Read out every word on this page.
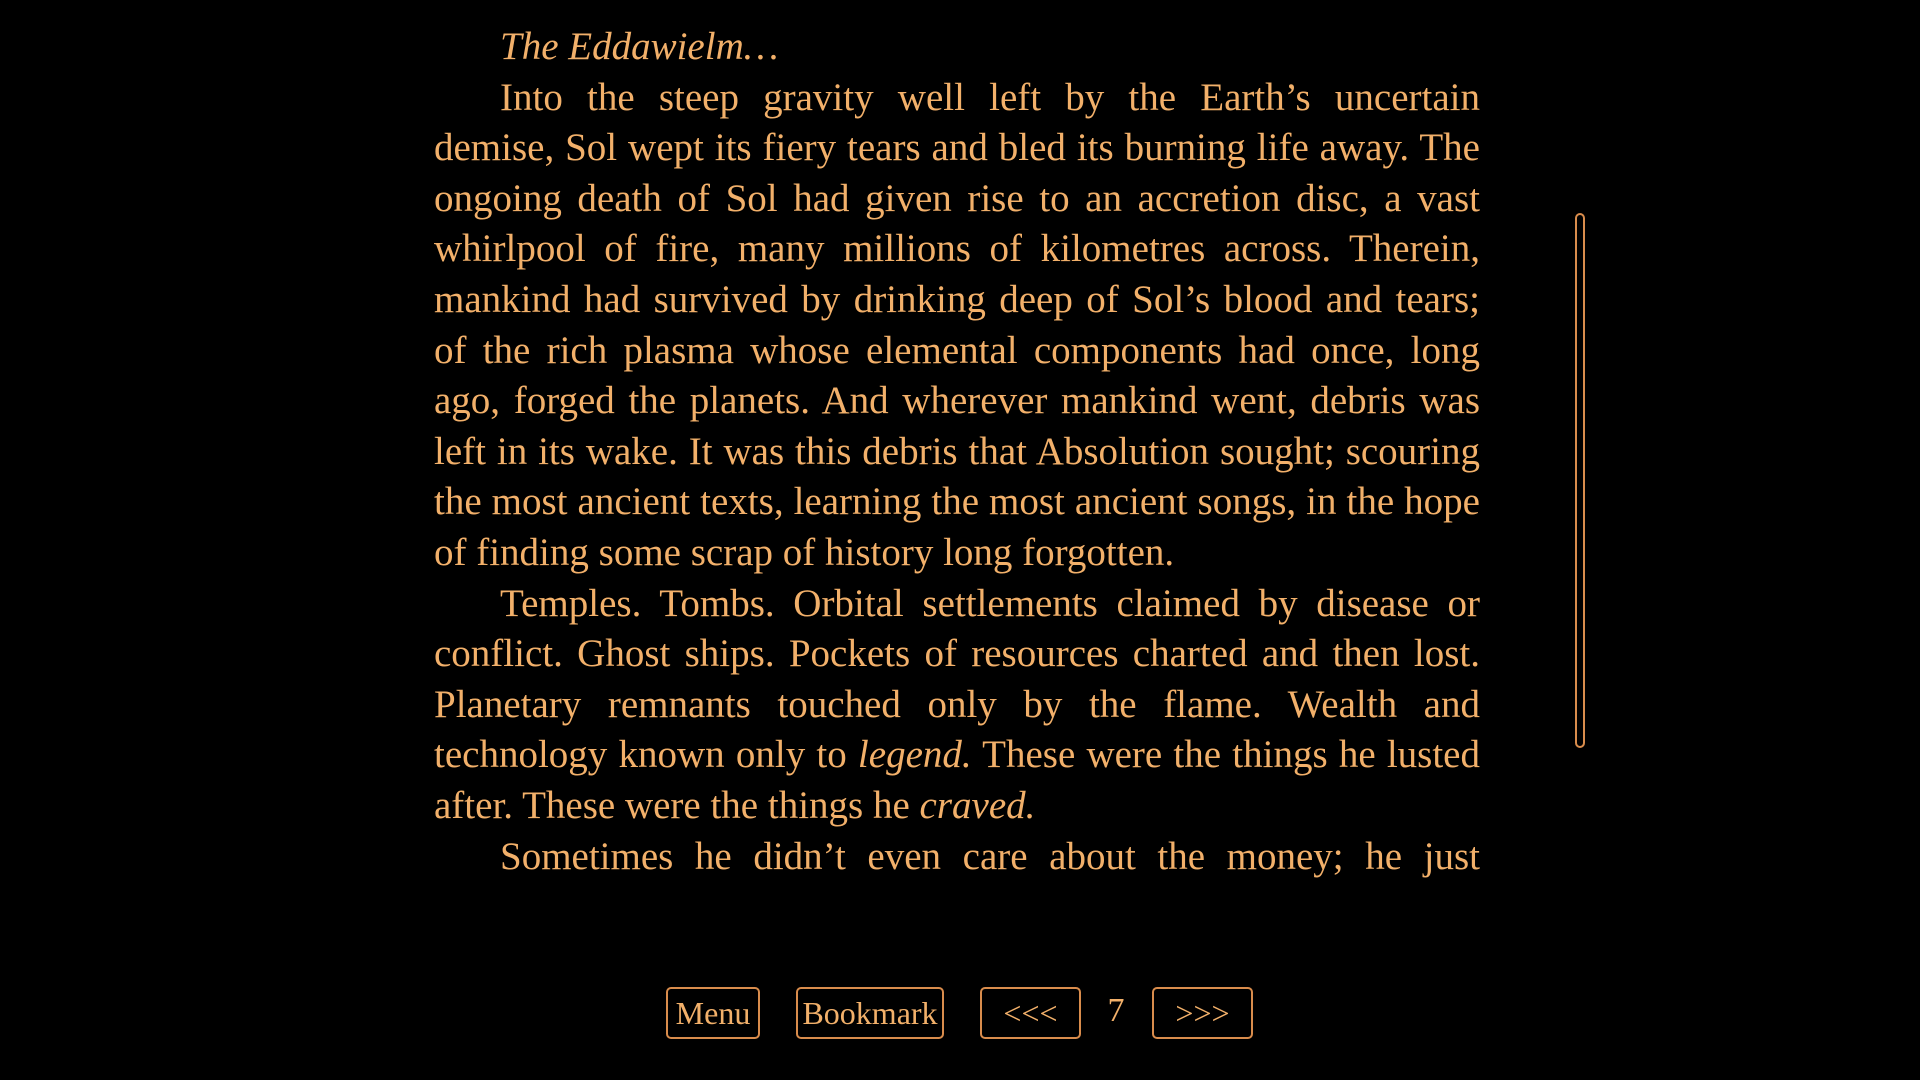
The Eddawielm…

Into the steep gravity well left by the Earth’s uncertain demise, Sol wept its fiery tears and bled its burning life away. The ongoing death of Sol had given rise to an accretion disc, a vast whirlpool of fire, many millions of kilometres across. Therein, mankind had survived by drinking deep of Sol’s blood and tears; of the rich plasma whose elemental components had once, long ago, forged the planets. And wherever mankind went, debris was left in its wake. It was this debris that Absolution sought; scouring the most ancient texts, learning the most ancient songs, in the hope of finding some scrap of history long forgotten.

Temples. Tombs. Orbital settlements claimed by disease or conflict. Ghost ships. Pockets of resources charted and then lost. Planetary remnants touched only by the flame. Wealth and technology known only to legend. These were the things he lusted after. These were the things he craved.

Sometimes he didn’t even care about the money; he just

Menu	Bookmark	<<<	7	>>>
